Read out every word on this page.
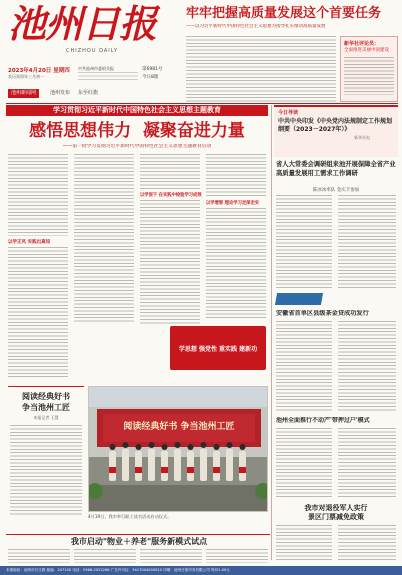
池州日报
CHIZHOU DAILY
2023年4月20日 星期四
农历癸卯年三月初一
第6981号
今日8版
中共池州市委机关报
池州新闻网	池州发布 东至红旗
牢牢把握高质量发展这个首要任务
——以习近平新时代中国特色社会主义思想为指导扎实推动高质量发展
新华社评论员：
全面推进美丽中国建设
学习贯彻习近平新时代中国特色社会主义思想主题教育
感悟思想伟力  凝聚奋进力量
——第一批学习贯彻习近平新时代中国特色社会主义思想主题教育启动
以学正风 实践出真知
以学促干 在实践中检验学习成效
以学增智 理论学习走深走实
学思想 强党性 重实践 建新功
今日导读
中共中央印发《中央党内法规制定工作规划纲要（2023－2027年）》
新华社电
省人大常委会调研组来池开展保障全省产业高质量发展用工需求工作调研
陈冰冰率队 金庆丰参加
安徽省首单区县级茶金贷成功发行
池州全面推行不动产'带押过户'模式
我市对退役军人实行
景区门票减免政策
阅读经典好书
争当池州工匠
本报记者 王慧
阅读经典好书 争当池州工匠
4月19日，我市举行职工读书活动启动仪式。
我市启动"物业＋养老"服务新模式试点
本报地址：池州市长江路 邮编：247100 电话：0566-2022286 广告许可证：3417004000010 印刷：池州日报印务有限公司 每份1.00元
